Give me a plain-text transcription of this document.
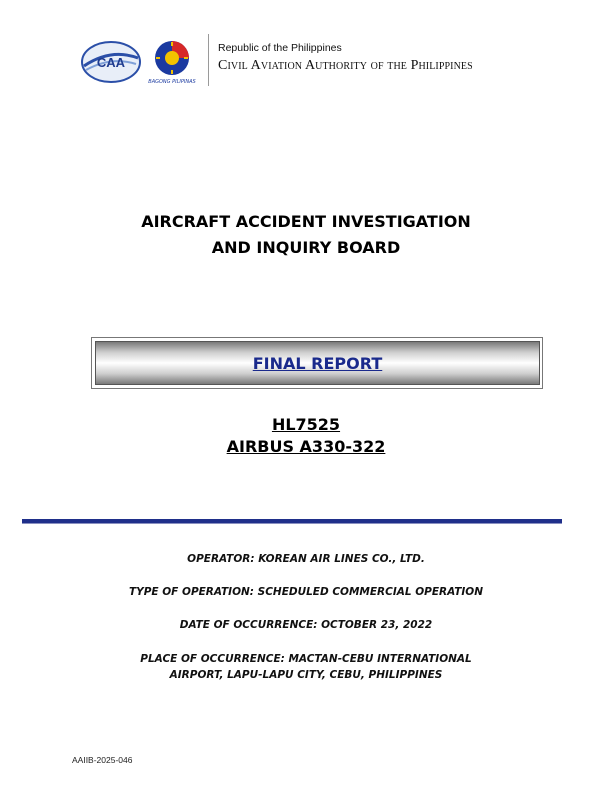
CAA
BAGONG PILIPINAS
Republic of the Philippines
Civil Aviation Authority of the Philippines
AIRCRAFT ACCIDENT INVESTIGATION
AND INQUIRY BOARD
FINAL REPORT
HL7525
AIRBUS A330-322
OPERATOR: KOREAN AIR LINES CO., LTD.
TYPE OF OPERATION: SCHEDULED COMMERCIAL OPERATION
DATE OF OCCURRENCE: OCTOBER 23, 2022
PLACE OF OCCURRENCE: MACTAN-CEBU INTERNATIONAL
AIRPORT, LAPU-LAPU CITY, CEBU, PHILIPPINES
AAIIB-2025-046
